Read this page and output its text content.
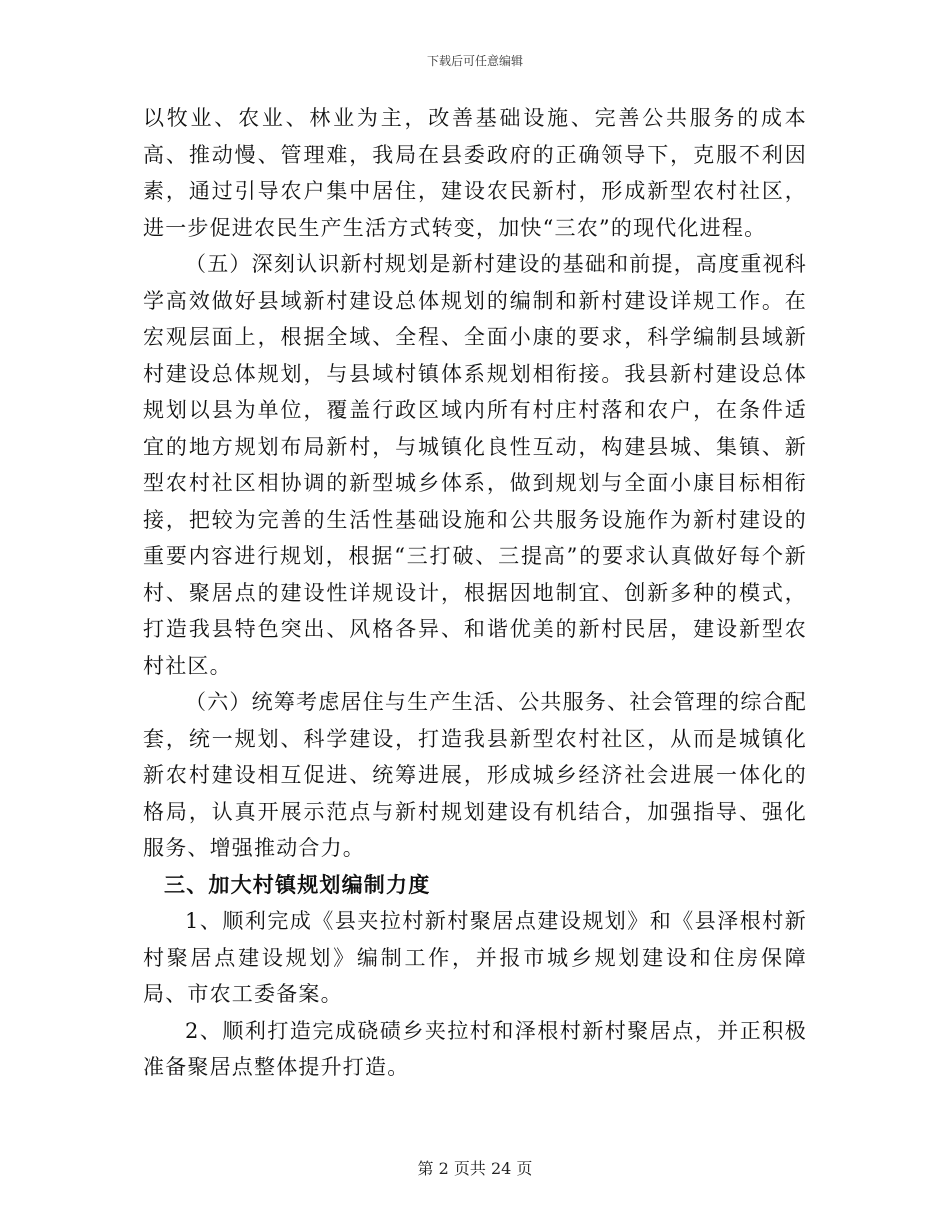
下载后可任意编辑

以牧业、农业、林业为主，改善基础设施、完善公共服务的成本高、推动慢、管理难，我局在县委政府的正确领导下，克服不利因素，通过引导农户集中居住，建设农民新村，形成新型农村社区，进一步促进农民生产生活方式转变，加快“三农”的现代化进程。

（五）深刻认识新村规划是新村建设的基础和前提，高度重视科学高效做好县域新村建设总体规划的编制和新村建设详规工作。在宏观层面上，根据全域、全程、全面小康的要求，科学编制县域新村建设总体规划，与县域村镇体系规划相衔接。我县新村建设总体规划以县为单位，覆盖行政区域内所有村庄村落和农户，在条件适宜的地方规划布局新村，与城镇化良性互动，构建县城、集镇、新型农村社区相协调的新型城乡体系，做到规划与全面小康目标相衔接，把较为完善的生活性基础设施和公共服务设施作为新村建设的重要内容进行规划，根据“三打破、三提高”的要求认真做好每个新村、聚居点的建设性详规设计，根据因地制宜、创新多种的模式，打造我县特色突出、风格各异、和谐优美的新村民居，建设新型农村社区。

（六）统筹考虑居住与生产生活、公共服务、社会管理的综合配套，统一规划、科学建设，打造我县新型农村社区，从而是城镇化新农村建设相互促进、统筹进展，形成城乡经济社会进展一体化的格局，认真开展示范点与新村规划建设有机结合，加强指导、强化服务、增强推动合力。

三、加大村镇规划编制力度

1、顺利完成《县夹拉村新村聚居点建设规划》和《县泽根村新村聚居点建设规划》编制工作，并报市城乡规划建设和住房保障局、市农工委备案。

2、顺利打造完成硗碛乡夹拉村和泽根村新村聚居点，并正积极准备聚居点整体提升打造。

第 2 页共 24 页
